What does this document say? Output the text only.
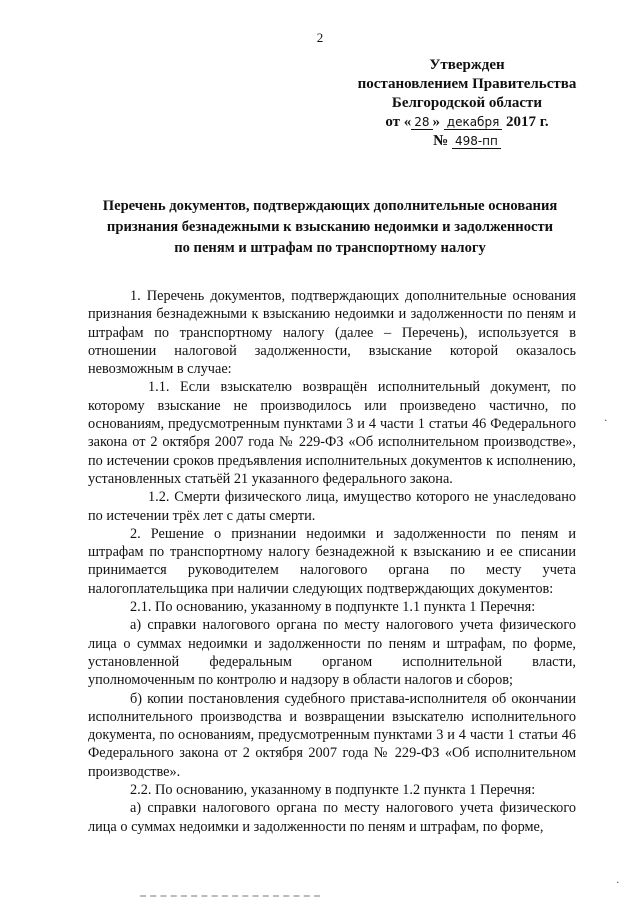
2
Утвержден
постановлением Правительства
Белгородской области
от « 28 » декабря 2017 г.
№ 498-пп
Перечень документов, подтверждающих дополнительные основания
признания безнадежными к взысканию недоимки и задолженности
по пеням и штрафам по транспортному налогу

1. Перечень документов, подтверждающих дополнительные основания признания безнадежными к взысканию недоимки и задолженности по пеням и штрафам по транспортному налогу (далее – Перечень), используется в отношении налоговой задолженности, взыскание которой оказалось невозможным в случае:

1.1. Если взыскателю возвращён исполнительный документ, по которому взыскание не производилось или произведено частично, по основаниям, предусмотренным пунктами 3 и 4 части 1 статьи 46 Федерального закона от 2 октября 2007 года № 229-ФЗ «Об исполнительном производстве», по истечении сроков предъявления исполнительных документов к исполнению, установленных статьёй 21 указанного федерального закона.

1.2. Смерти физического лица, имущество которого не унаследовано по истечении трёх лет с даты смерти.

2. Решение о признании недоимки и задолженности по пеням и штрафам по транспортному налогу безнадежной к взысканию и ее списании принимается руководителем налогового органа по месту учета налогоплательщика при наличии следующих подтверждающих документов:

2.1. По основанию, указанному в подпункте 1.1 пункта 1 Перечня:

а) справки налогового органа по месту налогового учета физического лица о суммах недоимки и задолженности по пеням и штрафам, по форме, установленной федеральным органом исполнительной власти, уполномоченным по контролю и надзору в области налогов и сборов;

б) копии постановления судебного пристава-исполнителя об окончании исполнительного производства и возвращении взыскателю исполнительного документа, по основаниям, предусмотренным пунктами 3 и 4 части 1 статьи 46 Федерального закона от 2 октября 2007 года № 229-ФЗ «Об исполнительном производстве».

2.2. По основанию, указанному в подпункте 1.2 пункта 1 Перечня:

а) справки налогового органа по месту налогового учета физического лица о суммах недоимки и задолженности по пеням и штрафам, по форме,

·
·
